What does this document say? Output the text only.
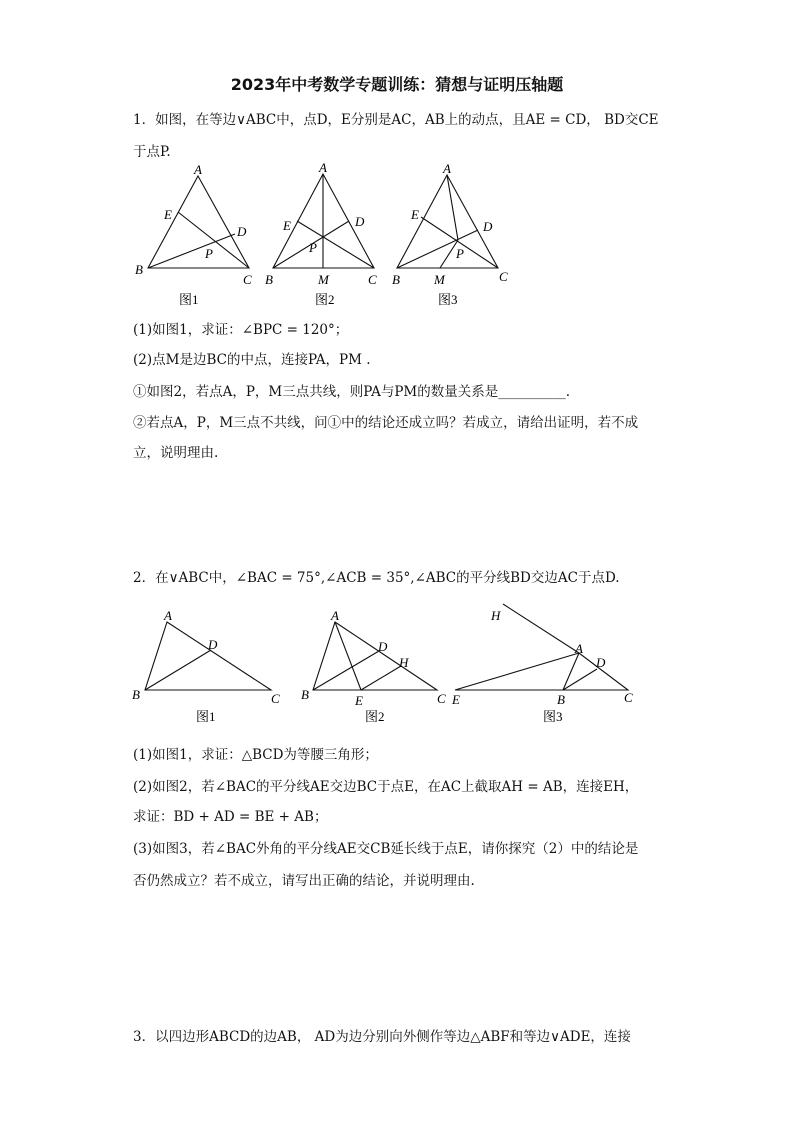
2023年中考数学专题训练：猜想与证明压轴题
1．如图，在等边∨ABC中，点D，E分别是AC，AB上的动点，且AE = CD， BD交CE
于点P.
A
B
C
D
E
P
A
B	C
D
E
P
M
A
B	C
D
E
P
M
图1	图2	图3
(1)如图1，求证：∠BPC = 120°；
(2)点M是边BC的中点，连接PA，PM .
①如图2，若点A，P，M三点共线，则PA与PM的数量关系是__________.
②若点A，P，M三点不共线，问①中的结论还成立吗？若成立，请给出证明，若不成
立，说明理由.
2．在∨ABC中，∠BAC = 75°,∠ACB = 35°,∠ABC的平分线BD交边AC于点D.
A
B	C
D
A
B	C
D
E
H
H
A
D
B	C
E
图1	图2	图3
(1)如图1，求证：△BCD为等腰三角形；
(2)如图2，若∠BAC的平分线AE交边BC于点E，在AC上截取AH = AB，连接EH，
求证：BD + AD = BE + AB；
(3)如图3，若∠BAC外角的平分线AE交CB延长线于点E，请你探究（2）中的结论是
否仍然成立？若不成立，请写出正确的结论，并说明理由.
3．以四边形ABCD的边AB， AD为边分别向外侧作等边△ABF和等边∨ADE，连接
